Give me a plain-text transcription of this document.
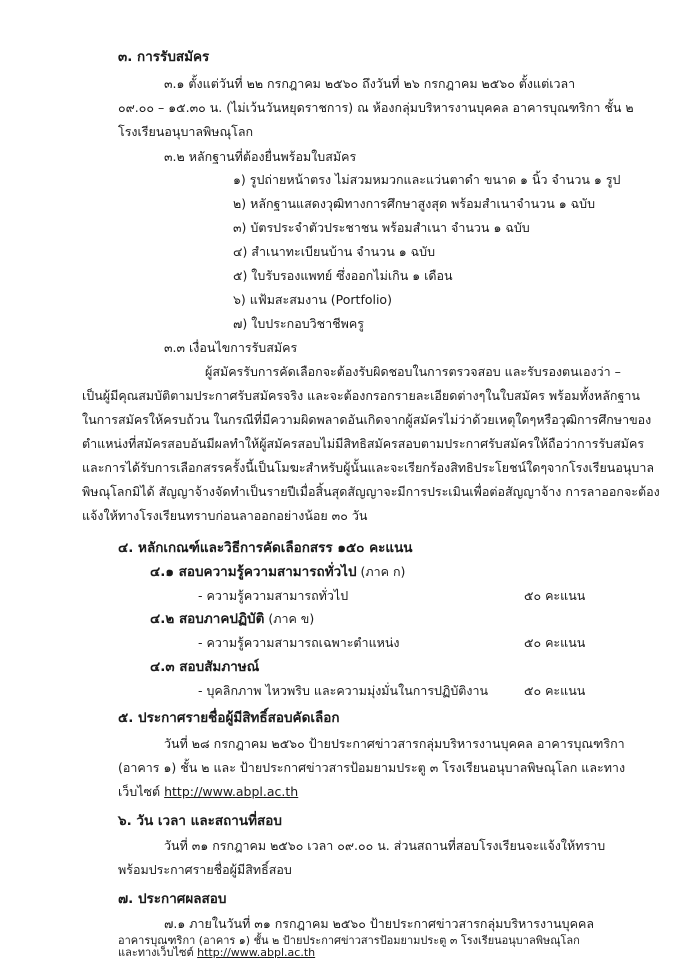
๓. การรับสมัคร
๓.๑ ตั้งแต่วันที่ ๒๒ กรกฎาคม ๒๕๖๐ ถึงวันที่ ๒๖ กรกฎาคม ๒๕๖๐ ตั้งแต่เวลา
๐๙.๐๐ – ๑๕.๓๐ น. (ไม่เว้นวันหยุดราชการ) ณ ห้องกลุ่มบริหารงานบุคคล อาคารบุณฑริกา ชั้น ๒
โรงเรียนอนุบาลพิษณุโลก
๓.๒ หลักฐานที่ต้องยื่นพร้อมใบสมัคร
๑) รูปถ่ายหน้าตรง ไม่สวมหมวกและแว่นตาดำ ขนาด ๑ นิ้ว จำนวน ๑ รูป
๒) หลักฐานแสดงวุฒิทางการศึกษาสูงสุด พร้อมสำเนาจำนวน ๑ ฉบับ
๓) บัตรประจำตัวประชาชน พร้อมสำเนา จำนวน ๑ ฉบับ
๔) สำเนาทะเบียนบ้าน จำนวน ๑ ฉบับ
๕) ใบรับรองแพทย์ ซึ่งออกไม่เกิน ๑ เดือน
๖) แฟ้มสะสมงาน (Portfolio)
๗) ใบประกอบวิชาชีพครู
๓.๓ เงื่อนไขการรับสมัคร
ผู้สมัครรับการคัดเลือกจะต้องรับผิดชอบในการตรวจสอบ และรับรองตนเองว่า –
เป็นผู้มีคุณสมบัติตามประกาศรับสมัครจริง และจะต้องกรอกรายละเอียดต่างๆในใบสมัคร พร้อมทั้งหลักฐาน
ในการสมัครให้ครบถ้วน ในกรณีที่มีความผิดพลาดอันเกิดจากผู้สมัครไม่ว่าด้วยเหตุใดๆหรือวุฒิการศึกษาของ
ตำแหน่งที่สมัครสอบอันมีผลทำให้ผู้สมัครสอบไม่มีสิทธิสมัครสอบตามประกาศรับสมัครให้ถือว่าการรับสมัคร
และการได้รับการเลือกสรรครั้งนี้เป็นโมฆะสำหรับผู้นั้นและจะเรียกร้องสิทธิประโยชน์ใดๆจากโรงเรียนอนุบาล
พิษณุโลกมิได้ สัญญาจ้างจัดทำเป็นรายปีเมื่อสิ้นสุดสัญญาจะมีการประเมินเพื่อต่อสัญญาจ้าง การลาออกจะต้อง
แจ้งให้ทางโรงเรียนทราบก่อนลาออกอย่างน้อย ๓๐ วัน
๔. หลักเกณฑ์และวิธีการคัดเลือกสรร ๑๕๐ คะแนน
๔.๑ สอบความรู้ความสามารถทั่วไป (ภาค ก)
- ความรู้ความสามารถทั่วไป	๕๐ คะแนน
๔.๒ สอบภาคปฏิบัติ (ภาค ข)
- ความรู้ความสามารถเฉพาะตำแหน่ง	๕๐ คะแนน
๔.๓ สอบสัมภาษณ์
- บุคลิกภาพ ไหวพริบ และความมุ่งมั่นในการปฏิบัติงาน	๕๐ คะแนน
๕. ประกาศรายชื่อผู้มีสิทธิ์สอบคัดเลือก
วันที่ ๒๘ กรกฎาคม ๒๕๖๐ ป้ายประกาศข่าวสารกลุ่มบริหารงานบุคคล อาคารบุณฑริกา
(อาคาร ๑) ชั้น ๒ และ ป้ายประกาศข่าวสารป้อมยามประตู ๓ โรงเรียนอนุบาลพิษณุโลก และทาง
เว็บไซต์ http://www.abpl.ac.th
๖. วัน เวลา และสถานที่สอบ
วันที่ ๓๑ กรกฎาคม ๒๕๖๐ เวลา ๐๙.๐๐ น. ส่วนสถานที่สอบโรงเรียนจะแจ้งให้ทราบ
พร้อมประกาศรายชื่อผู้มีสิทธิ์สอบ
๗. ประกาศผลสอบ
๗.๑ ภายในวันที่ ๓๑ กรกฎาคม ๒๕๖๐ ป้ายประกาศข่าวสารกลุ่มบริหารงานบุคคล
อาคารบุณฑริกา (อาคาร ๑) ชั้น ๒ ป้ายประกาศข่าวสารป้อมยามประตู ๓ โรงเรียนอนุบาลพิษณุโลก
และทางเว็บไซต์ http://www.abpl.ac.th
